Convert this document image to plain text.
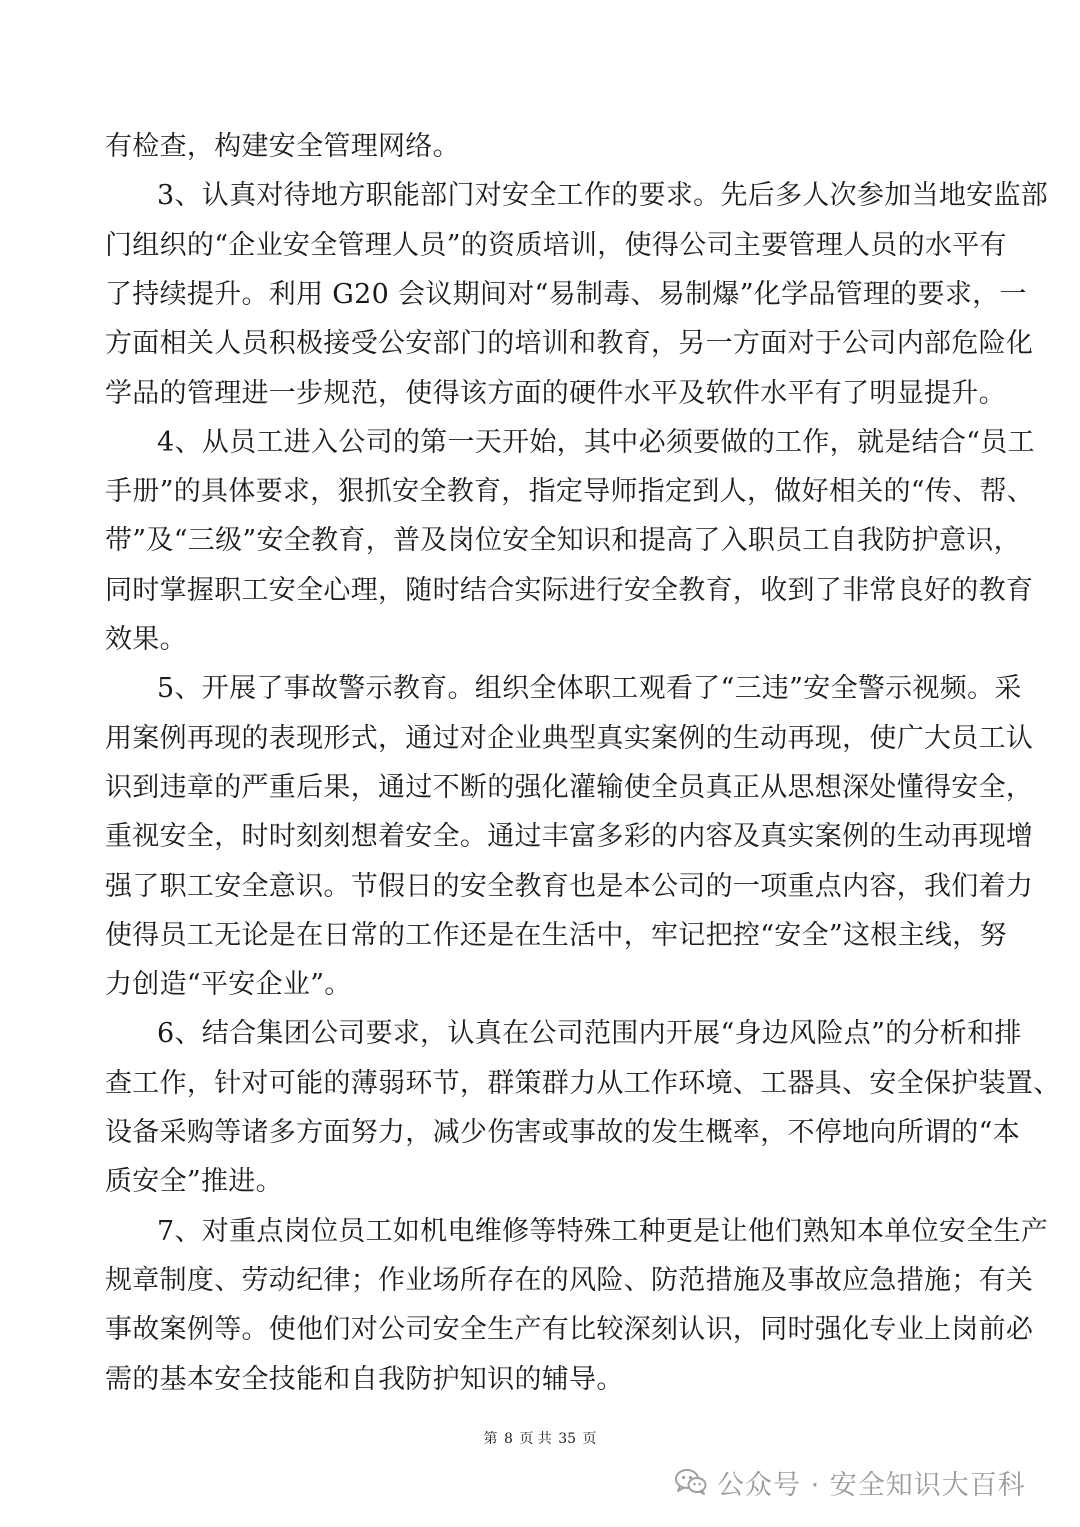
有检查，构建安全管理网络。
3、认真对待地方职能部门对安全工作的要求。先后多人次参加当地安监部
门组织的“企业安全管理人员”的资质培训，使得公司主要管理人员的水平有
了持续提升。利用 G20 会议期间对“易制毒、易制爆”化学品管理的要求，一
方面相关人员积极接受公安部门的培训和教育，另一方面对于公司内部危险化
学品的管理进一步规范，使得该方面的硬件水平及软件水平有了明显提升。
4、从员工进入公司的第一天开始，其中必须要做的工作，就是结合“员工
手册”的具体要求，狠抓安全教育，指定导师指定到人，做好相关的“传、帮、
带”及“三级”安全教育，普及岗位安全知识和提高了入职员工自我防护意识，
同时掌握职工安全心理，随时结合实际进行安全教育，收到了非常良好的教育
效果。
5、开展了事故警示教育。组织全体职工观看了“三违”安全警示视频。采
用案例再现的表现形式，通过对企业典型真实案例的生动再现，使广大员工认
识到违章的严重后果，通过不断的强化灌输使全员真正从思想深处懂得安全，
重视安全，时时刻刻想着安全。通过丰富多彩的内容及真实案例的生动再现增
强了职工安全意识。节假日的安全教育也是本公司的一项重点内容，我们着力
使得员工无论是在日常的工作还是在生活中，牢记把控“安全”这根主线，努
力创造“平安企业”。
6、结合集团公司要求，认真在公司范围内开展“身边风险点”的分析和排
查工作，针对可能的薄弱环节，群策群力从工作环境、工器具、安全保护装置、
设备采购等诸多方面努力，减少伤害或事故的发生概率，不停地向所谓的“本
质安全”推进。
7、对重点岗位员工如机电维修等特殊工种更是让他们熟知本单位安全生产
规章制度、劳动纪律；作业场所存在的风险、防范措施及事故应急措施；有关
事故案例等。使他们对公司安全生产有比较深刻认识，同时强化专业上岗前必
需的基本安全技能和自我防护知识的辅导。
第 8 页 共 35 页
公众号 · 安全知识大百科
